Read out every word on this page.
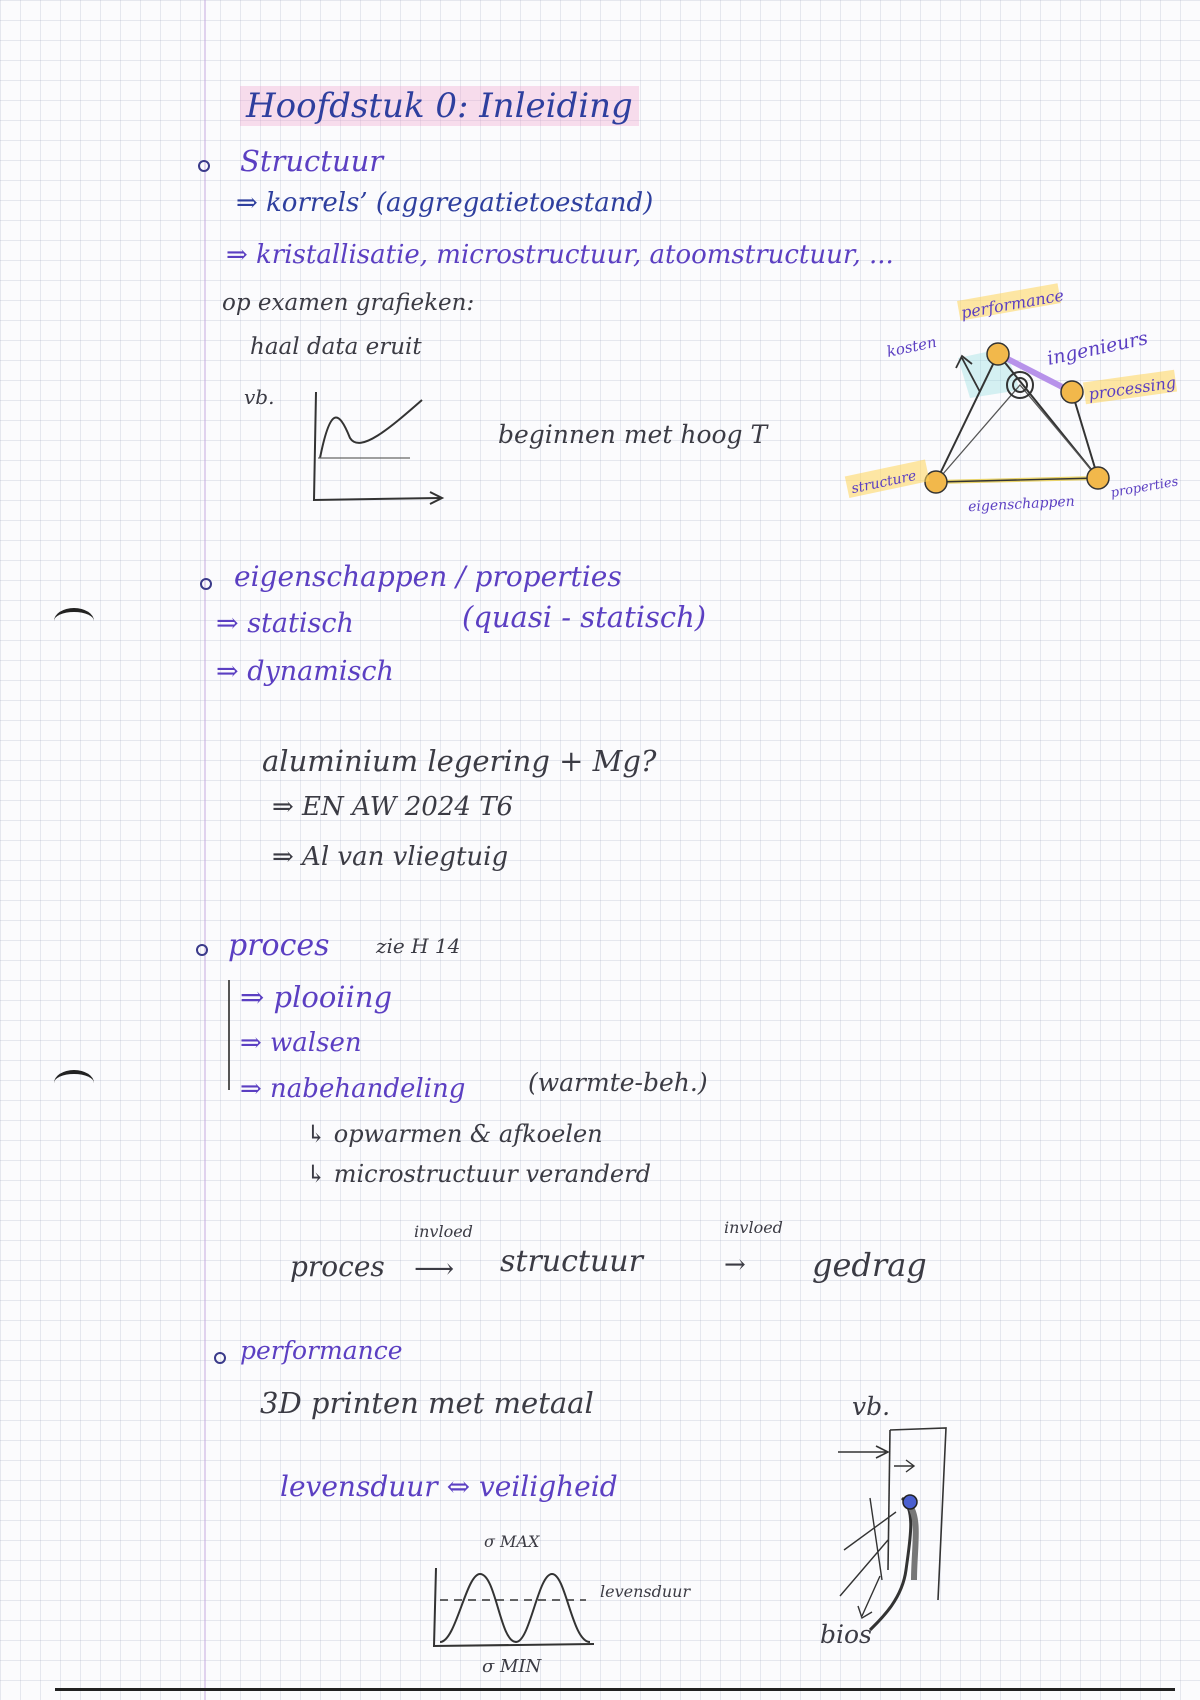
Hoofdstuk 0: Inleiding
Structuur
⇒ korrels’ (aggregatietoestand)
⇒ kristallisatie, microstructuur, atoomstructuur, ...
op examen grafieken:
haal data eruit
vb.
beginnen met hoog T
performance
kosten	ingenieurs
processing
structure
eigenschappen
properties
eigenschappen / properties
⇒ statisch	(quasi - statisch)
⇒ dynamisch
aluminium legering + Mg?
⇒ EN AW 2024 T6
⇒ Al van vliegtuig
proces zie H 14
⇒ plooiing
⇒ walsen
⇒ nabehandeling	(warmte-beh.)
↳ opwarmen & afkoelen
↳ microstructuur veranderd
proces
invloed
⟶ structuur
invloed
→ gedrag
performance
3D printen met metaal
levensduur ⇔ veiligheid
σ MAX
levensduur
σ MIN
vb.
bios
